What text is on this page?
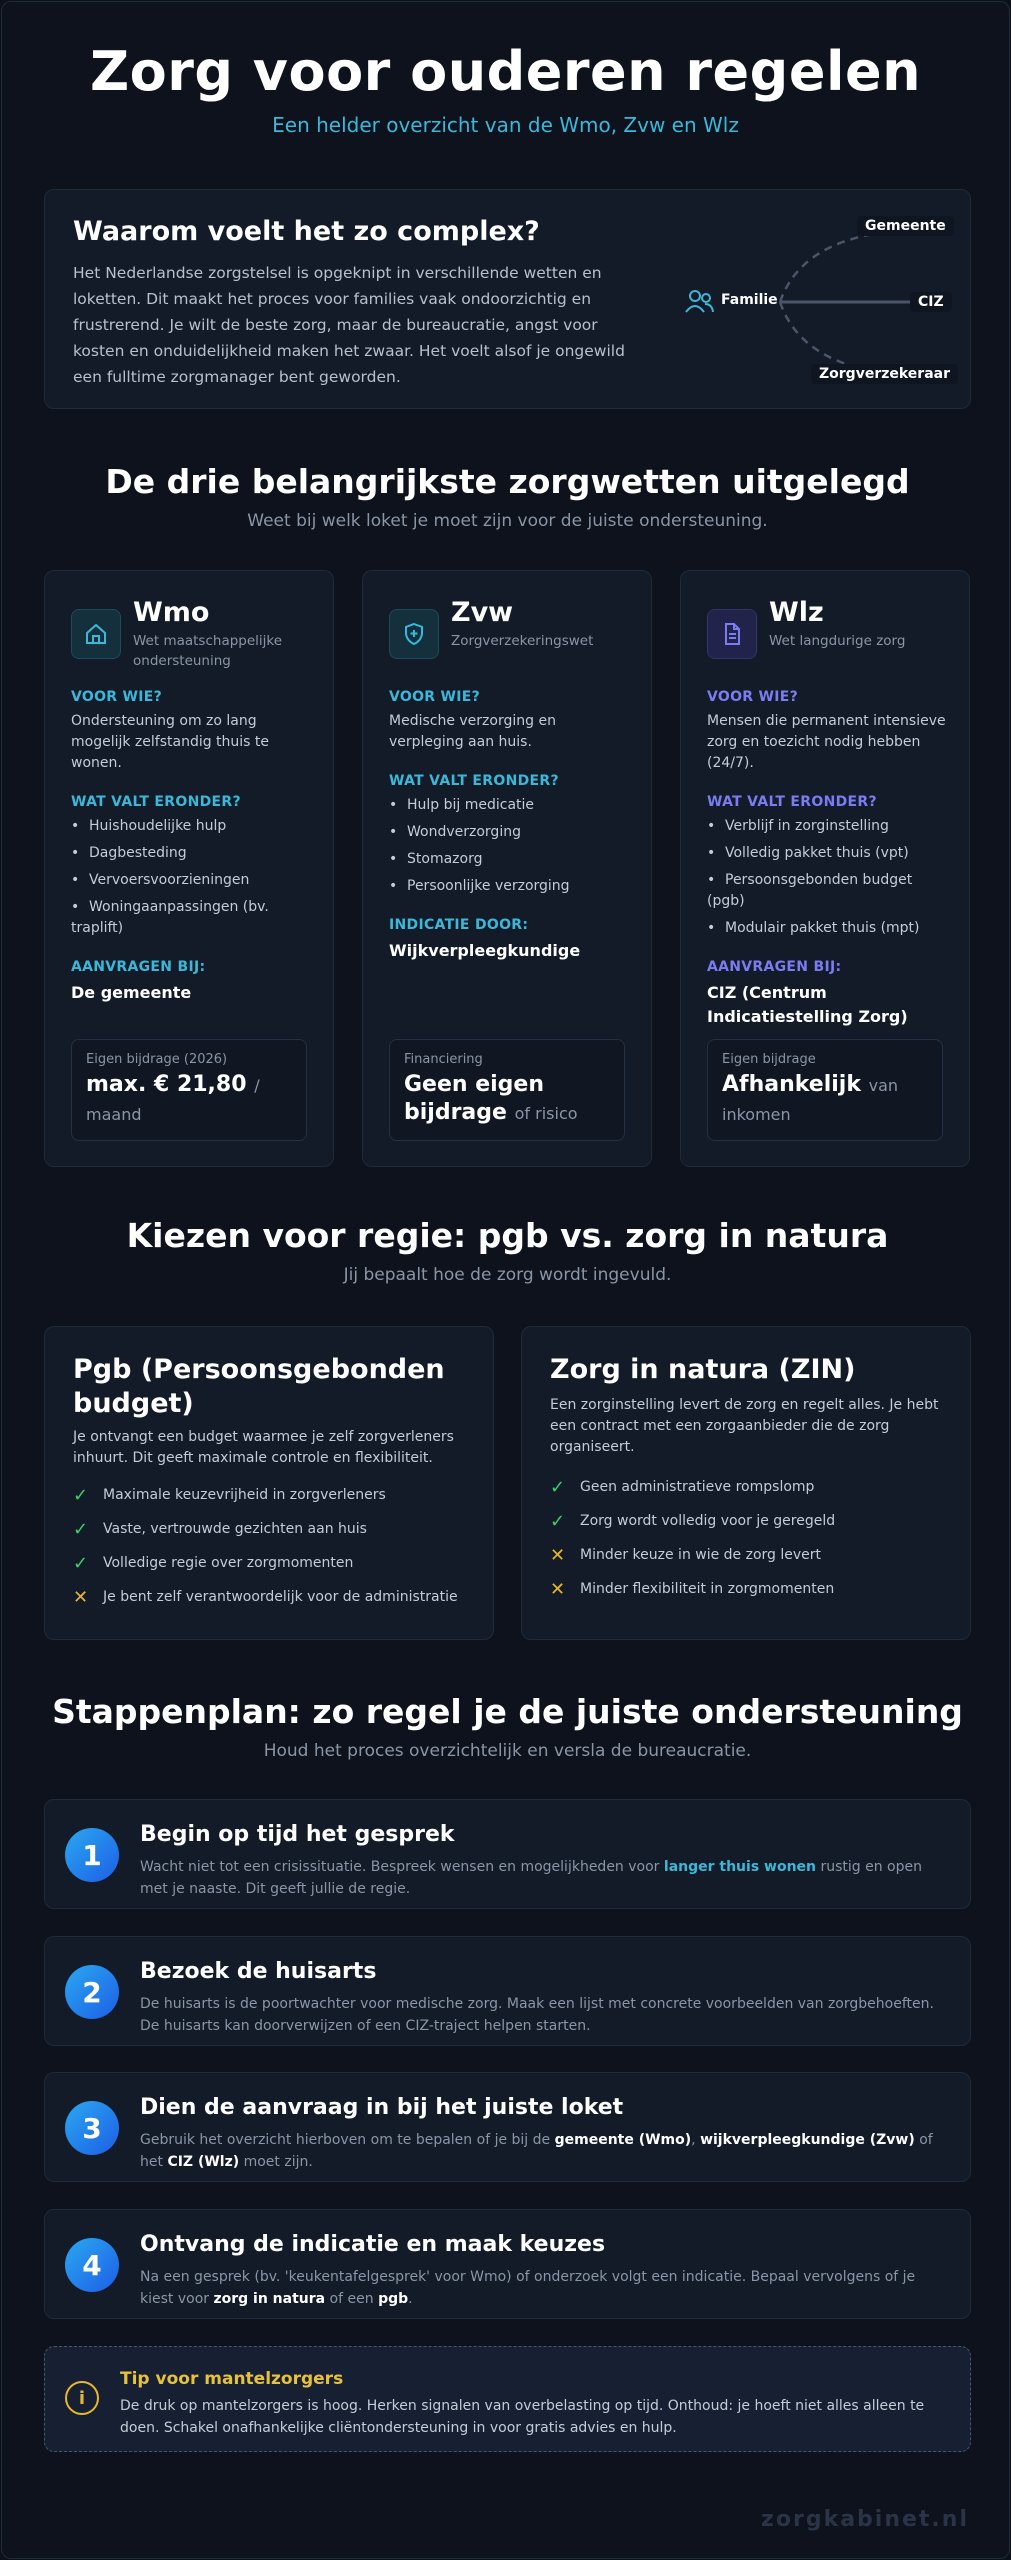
Zorg voor ouderen regelen
Een helder overzicht van de Wmo, Zvw en Wlz
Waarom voelt het zo complex?

Het Nederlandse zorgstelsel is opgeknipt in verschillende wetten en loketten. Dit maakt het proces voor families vaak ondoorzichtig en frustrerend. Je wilt de beste zorg, maar de bureaucratie, angst voor kosten en onduidelijkheid maken het zwaar. Het voelt alsof je ongewild een fulltime zorgmanager bent geworden.

Familie
Gemeente
CIZ
Zorgverzekeraar
De drie belangrijkste zorgwetten uitgelegd
Weet bij welk loket je moet zijn voor de juiste ondersteuning.
Wmo
Wet maatschappelijke ondersteuning
VOOR WIE?
Ondersteuning om zo lang mogelijk zelfstandig thuis te wonen.
WAT VALT ERONDER?
• Huishoudelijke hulp
• Dagbesteding
• Vervoersvoorzieningen
• Woningaanpassingen (bv. traplift)
AANVRAGEN BIJ:
De gemeente
Eigen bijdrage (2026)
max. € 21,80 / maand
Zvw
Zorgverzekeringswet
VOOR WIE?
Medische verzorging en verpleging aan huis.
WAT VALT ERONDER?
• Hulp bij medicatie
• Wondverzorging
• Stomazorg
• Persoonlijke verzorging
INDICATIE DOOR:
Wijkverpleegkundige
Financiering
Geen eigen bijdrage of risico
Wlz
Wet langdurige zorg
VOOR WIE?
Mensen die permanent intensieve zorg en toezicht nodig hebben (24/7).
WAT VALT ERONDER?
• Verblijf in zorginstelling
• Volledig pakket thuis (vpt)
• Persoonsgebonden budget (pgb)
• Modulair pakket thuis (mpt)
AANVRAGEN BIJ:
CIZ (Centrum Indicatiestelling Zorg)
Eigen bijdrage
Afhankelijk van inkomen
Kiezen voor regie: pgb vs. zorg in natura
Jij bepaalt hoe de zorg wordt ingevuld.
Pgb (Persoonsgebonden budget)
Je ontvangt een budget waarmee je zelf zorgverleners inhuurt. Dit geeft maximale controle en flexibiliteit.
✓	Maximale keuzevrijheid in zorgverleners
✓	Vaste, vertrouwde gezichten aan huis
✓	Volledige regie over zorgmomenten
✕	Je bent zelf verantwoordelijk voor de administratie
Zorg in natura (ZIN)
Een zorginstelling levert de zorg en regelt alles. Je hebt een contract met een zorgaanbieder die de zorg organiseert.
✓	Geen administratieve rompslomp
✓	Zorg wordt volledig voor je geregeld
✕	Minder keuze in wie de zorg levert
✕	Minder flexibiliteit in zorgmomenten
Stappenplan: zo regel je de juiste ondersteuning
Houd het proces overzichtelijk en versla de bureaucratie.
1
Begin op tijd het gesprek
Wacht niet tot een crisissituatie. Bespreek wensen en mogelijkheden voor langer thuis wonen rustig en open met je naaste. Dit geeft jullie de regie.
2
Bezoek de huisarts
De huisarts is de poortwachter voor medische zorg. Maak een lijst met concrete voorbeelden van zorgbehoeften. De huisarts kan doorverwijzen of een CIZ-traject helpen starten.
3
Dien de aanvraag in bij het juiste loket
Gebruik het overzicht hierboven om te bepalen of je bij de gemeente (Wmo), wijkverpleegkundige (Zvw) of het CIZ (Wlz) moet zijn.
4
Ontvang de indicatie en maak keuzes
Na een gesprek (bv. 'keukentafelgesprek' voor Wmo) of onderzoek volgt een indicatie. Bepaal vervolgens of je kiest voor zorg in natura of een pgb.
i
Tip voor mantelzorgers
De druk op mantelzorgers is hoog. Herken signalen van overbelasting op tijd. Onthoud: je hoeft niet alles alleen te doen. Schakel onafhankelijke cliëntondersteuning in voor gratis advies en hulp.
zorgkabinet.nl
